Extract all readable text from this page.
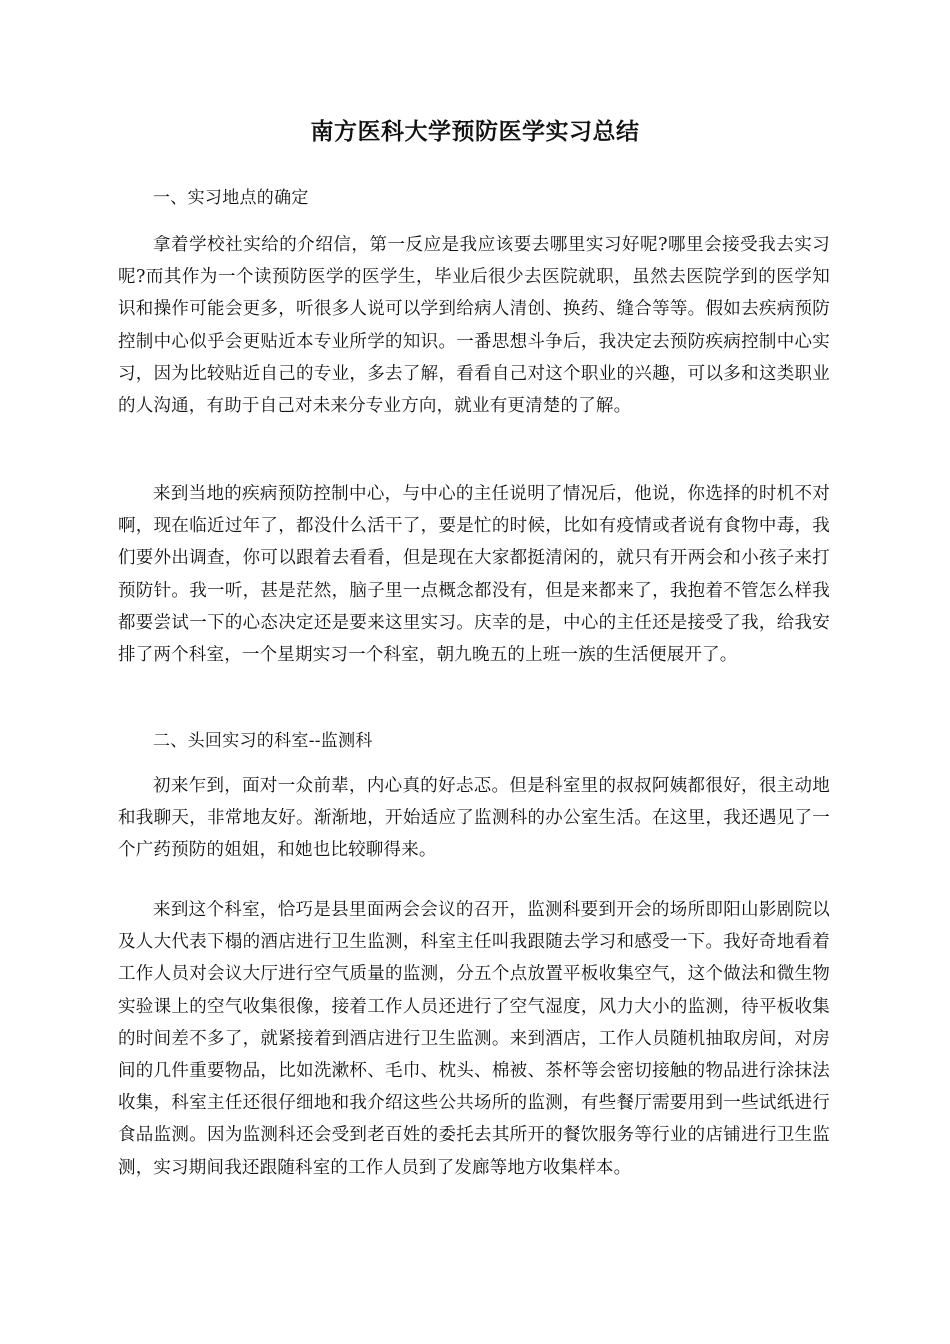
南方医科大学预防医学实习总结
一、实习地点的确定
拿着学校社实给的介绍信，第一反应是我应该要去哪里实习好呢?哪里会接受我去实习呢?而其作为一个读预防医学的医学生，毕业后很少去医院就职，虽然去医院学到的医学知识和操作可能会更多，听很多人说可以学到给病人清创、换药、缝合等等。假如去疾病预防控制中心似乎会更贴近本专业所学的知识。一番思想斗争后，我决定去预防疾病控制中心实习，因为比较贴近自己的专业，多去了解，看看自己对这个职业的兴趣，可以多和这类职业的人沟通，有助于自己对未来分专业方向，就业有更清楚的了解。
来到当地的疾病预防控制中心，与中心的主任说明了情况后，他说，你选择的时机不对啊，现在临近过年了，都没什么活干了，要是忙的时候，比如有疫情或者说有食物中毒，我们要外出调查，你可以跟着去看看，但是现在大家都挺清闲的，就只有开两会和小孩子来打预防针。我一听，甚是茫然，脑子里一点概念都没有，但是来都来了，我抱着不管怎么样我都要尝试一下的心态决定还是要来这里实习。庆幸的是，中心的主任还是接受了我，给我安排了两个科室，一个星期实习一个科室，朝九晚五的上班一族的生活便展开了。
二、头回实习的科室--监测科
初来乍到，面对一众前辈，内心真的好忐忑。但是科室里的叔叔阿姨都很好，很主动地和我聊天，非常地友好。渐渐地，开始适应了监测科的办公室生活。在这里，我还遇见了一个广药预防的姐姐，和她也比较聊得来。
来到这个科室，恰巧是县里面两会会议的召开，监测科要到开会的场所即阳山影剧院以及人大代表下榻的酒店进行卫生监测，科室主任叫我跟随去学习和感受一下。我好奇地看着工作人员对会议大厅进行空气质量的监测，分五个点放置平板收集空气，这个做法和微生物实验课上的空气收集很像，接着工作人员还进行了空气湿度，风力大小的监测，待平板收集的时间差不多了，就紧接着到酒店进行卫生监测。来到酒店，工作人员随机抽取房间，对房间的几件重要物品，比如洗漱杯、毛巾、枕头、棉被、茶杯等会密切接触的物品进行涂抹法收集，科室主任还很仔细地和我介绍这些公共场所的监测，有些餐厅需要用到一些试纸进行食品监测。因为监测科还会受到老百姓的委托去其所开的餐饮服务等行业的店铺进行卫生监测，实习期间我还跟随科室的工作人员到了发廊等地方收集样本。
